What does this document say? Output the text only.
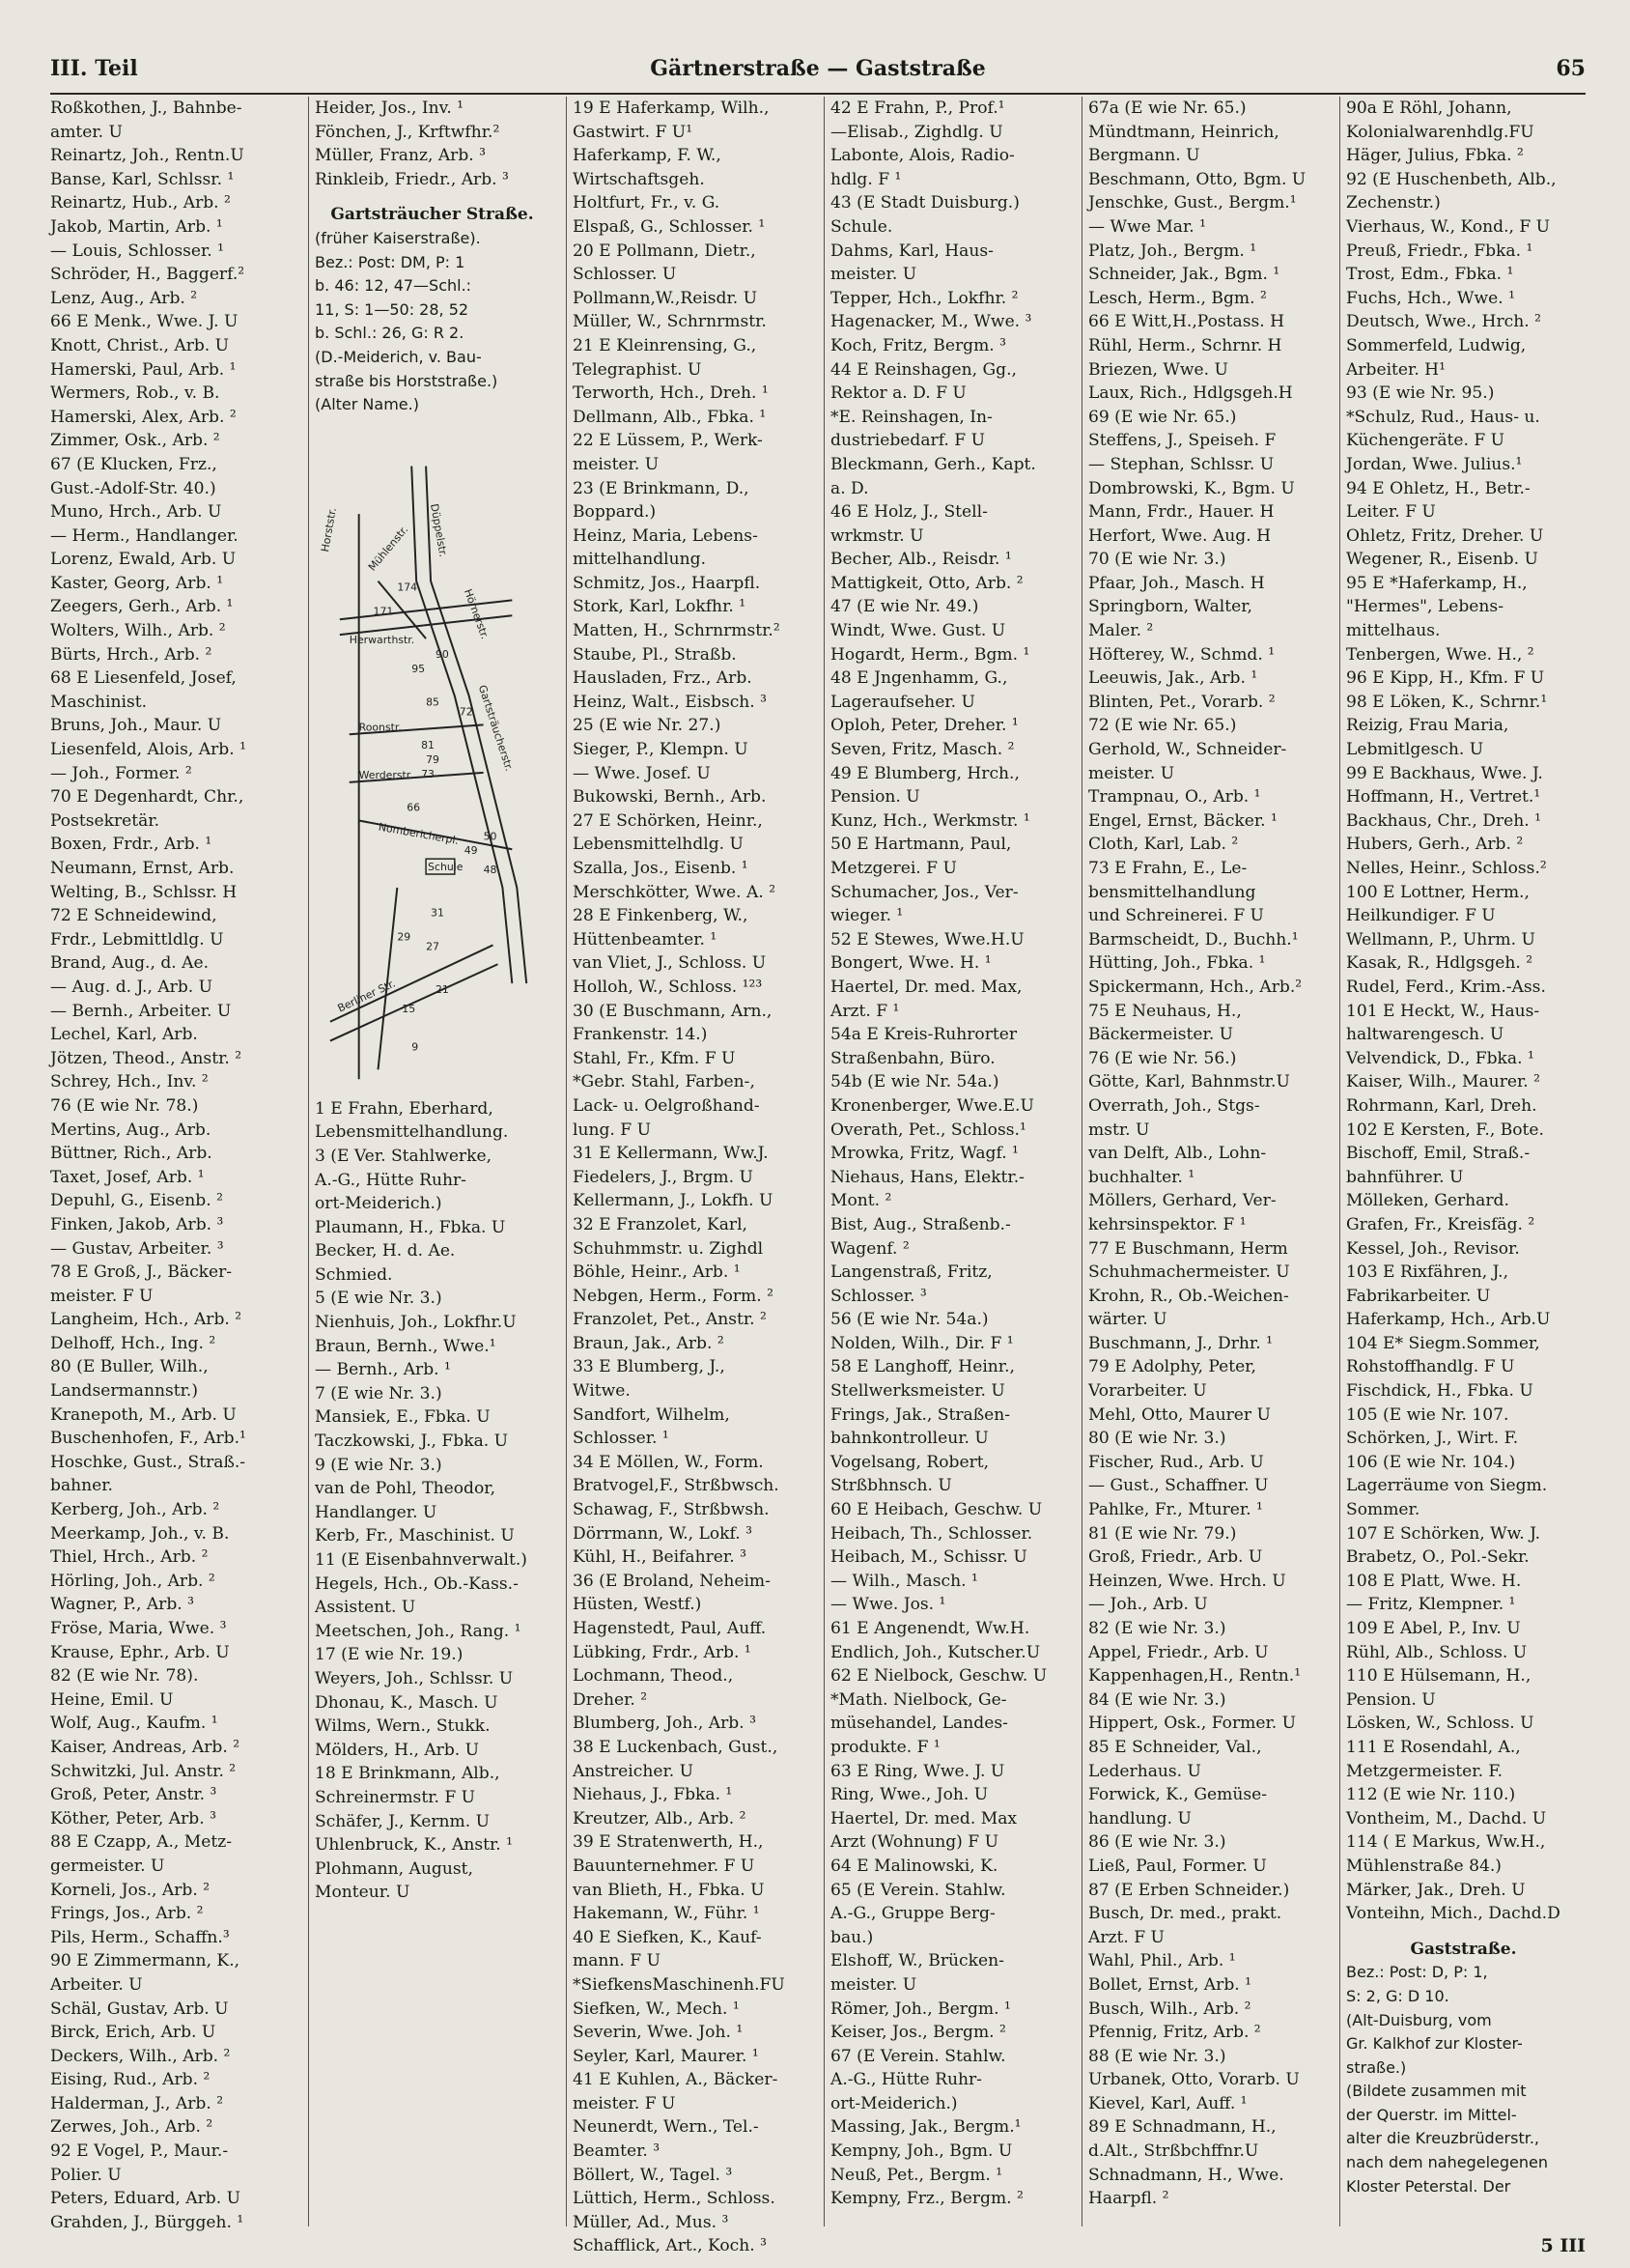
III. Teil	Gärtnerstraße — Gaststraße	65
Roßkothen, J., Bahnbe-
amter. U
Reinartz, Joh., Rentn.U
Banse, Karl, Schlssr. ¹
Reinartz, Hub., Arb. ²
Jakob, Martin, Arb. ¹
— Louis, Schlosser. ¹
Schröder, H., Baggerf.²
Lenz, Aug., Arb. ²
66 E Menk., Wwe. J. U
Knott, Christ., Arb. U
Hamerski, Paul, Arb. ¹
Wermers, Rob., v. B.
Hamerski, Alex, Arb. ²
Zimmer, Osk., Arb. ²
67 (E Klucken, Frz.,
Gust.-Adolf-Str. 40.)
Muno, Hrch., Arb. U
— Herm., Handlanger.
Lorenz, Ewald, Arb. U
Kaster, Georg, Arb. ¹
Zeegers, Gerh., Arb. ¹
Wolters, Wilh., Arb. ²
Bürts, Hrch., Arb. ²
68 E Liesenfeld, Josef,
Maschinist.
Bruns, Joh., Maur. U
Liesenfeld, Alois, Arb. ¹
— Joh., Former. ²
70 E Degenhardt, Chr.,
Postsekretär.
Boxen, Frdr., Arb. ¹
Neumann, Ernst, Arb.
Welting, B., Schlssr. H
72 E Schneidewind,
Frdr., Lebmittldlg. U
Brand, Aug., d. Ae.
— Aug. d. J., Arb. U
— Bernh., Arbeiter. U
Lechel, Karl, Arb.
Jötzen, Theod., Anstr. ²
Schrey, Hch., Inv. ²
76 (E wie Nr. 78.)
Mertins, Aug., Arb.
Büttner, Rich., Arb.
Taxet, Josef, Arb. ¹
Depuhl, G., Eisenb. ²
Finken, Jakob, Arb. ³
— Gustav, Arbeiter. ³
78 E Groß, J., Bäcker-
meister. F U
Langheim, Hch., Arb. ²
Delhoff, Hch., Ing. ²
80 (E Buller, Wilh.,
Landsermannstr.)
Kranepoth, M., Arb. U
Buschenhofen, F., Arb.¹
Hoschke, Gust., Straß.-
bahner.
Kerberg, Joh., Arb. ²
Meerkamp, Joh., v. B.
Thiel, Hrch., Arb. ²
Hörling, Joh., Arb. ²
Wagner, P., Arb. ³
Fröse, Maria, Wwe. ³
Krause, Ephr., Arb. U
82 (E wie Nr. 78).
Heine, Emil. U
Wolf, Aug., Kaufm. ¹
Kaiser, Andreas, Arb. ²
Schwitzki, Jul. Anstr. ²
Groß, Peter, Anstr. ³
Köther, Peter, Arb. ³
88 E Czapp, A., Metz-
germeister. U
Korneli, Jos., Arb. ²
Frings, Jos., Arb. ²
Pils, Herm., Schaffn.³
90 E Zimmermann, K.,
Arbeiter. U
Schäl, Gustav, Arb. U
Birck, Erich, Arb. U
Deckers, Wilh., Arb. ²
Eising, Rud., Arb. ²
Halderman, J., Arb. ²
Zerwes, Joh., Arb. ²
92 E Vogel, P., Maur.-
Polier. U
Peters, Eduard, Arb. U
Grahden, J., Bürggeh. ¹
Heider, Jos., Inv. ¹
Fönchen, J., Krftwfhr.²
Müller, Franz, Arb. ³
Rinkleib, Friedr., Arb. ³
Gartsträucher Straße.
(früher Kaiserstraße).
Bez.: Post: DM, P: 1
b. 46: 12, 47—Schl.:
11, S: 1—50: 28, 52
b. Schl.: 26, G: R 2.
(D.-Meiderich, v. Bau-
straße bis Horststraße.)
(Alter Name.)
Horststr.	Düppelstr.
Hörnerstr.
Mühlenstr.
Herwarthstr.
Roonstr.
Werderstr.
Nombericherpl.
Schule
Gartsträucherstr.
Berliner Str.
174
171
95
90
85
72
81
79
73
66
50
49
48
31
29
27
21
15
9
1 E Frahn, Eberhard,
Lebensmittelhandlung.
3 (E Ver. Stahlwerke,
A.-G., Hütte Ruhr-
ort-Meiderich.)
Plaumann, H., Fbka. U
Becker, H. d. Ae.
Schmied.
5 (E wie Nr. 3.)
Nienhuis, Joh., Lokfhr.U
Braun, Bernh., Wwe.¹
— Bernh., Arb. ¹
7 (E wie Nr. 3.)
Mansiek, E., Fbka. U
Taczkowski, J., Fbka. U
9 (E wie Nr. 3.)
van de Pohl, Theodor,
Handlanger. U
Kerb, Fr., Maschinist. U
11 (E Eisenbahnverwalt.)
Hegels, Hch., Ob.-Kass.-
Assistent. U
Meetschen, Joh., Rang. ¹
17 (E wie Nr. 19.)
Weyers, Joh., Schlssr. U
Dhonau, K., Masch. U
Wilms, Wern., Stukk.
Mölders, H., Arb. U
18 E Brinkmann, Alb.,
Schreinermstr. F U
Schäfer, J., Kernm. U
Uhlenbruck, K., Anstr. ¹
Plohmann, August,
Monteur. U
19 E Haferkamp, Wilh.,
Gastwirt. F U¹
Haferkamp, F. W.,
Wirtschaftsgeh.
Holtfurt, Fr., v. G.
Elspaß, G., Schlosser. ¹
20 E Pollmann, Dietr.,
Schlosser. U
Pollmann,W.,Reisdr. U
Müller, W., Schrnrmstr.
21 E Kleinrensing, G.,
Telegraphist. U
Terworth, Hch., Dreh. ¹
Dellmann, Alb., Fbka. ¹
22 E Lüssem, P., Werk-
meister. U
23 (E Brinkmann, D.,
Boppard.)
Heinz, Maria, Lebens-
mittelhandlung.
Schmitz, Jos., Haarpfl.
Stork, Karl, Lokfhr. ¹
Matten, H., Schrnrmstr.²
Staube, Pl., Straßb.
Hausladen, Frz., Arb.
Heinz, Walt., Eisbsch. ³
25 (E wie Nr. 27.)
Sieger, P., Klempn. U
— Wwe. Josef. U
Bukowski, Bernh., Arb.
27 E Schörken, Heinr.,
Lebensmittelhdlg. U
Szalla, Jos., Eisenb. ¹
Merschkötter, Wwe. A. ²
28 E Finkenberg, W.,
Hüttenbeamter. ¹
van Vliet, J., Schloss. U
Holloh, W., Schloss. ¹²³
30 (E Buschmann, Arn.,
Frankenstr. 14.)
Stahl, Fr., Kfm. F U
*Gebr. Stahl, Farben-,
Lack- u. Oelgroßhand-
lung. F U
31 E Kellermann, Ww.J.
Fiedelers, J., Brgm. U
Kellermann, J., Lokfh. U
32 E Franzolet, Karl,
Schuhmmstr. u. Zighdl
Böhle, Heinr., Arb. ¹
Nebgen, Herm., Form. ²
Franzolet, Pet., Anstr. ²
Braun, Jak., Arb. ²
33 E Blumberg, J.,
Witwe.
Sandfort, Wilhelm,
Schlosser. ¹
34 E Möllen, W., Form.
Bratvogel,F., Strßbwsch.
Schawag, F., Strßbwsh.
Dörrmann, W., Lokf. ³
Kühl, H., Beifahrer. ³
36 (E Broland, Neheim-
Hüsten, Westf.)
Hagenstedt, Paul, Auff.
Lübking, Frdr., Arb. ¹
Lochmann, Theod.,
Dreher. ²
Blumberg, Joh., Arb. ³
38 E Luckenbach, Gust.,
Anstreicher. U
Niehaus, J., Fbka. ¹
Kreutzer, Alb., Arb. ²
39 E Stratenwerth, H.,
Bauunternehmer. F U
van Blieth, H., Fbka. U
Hakemann, W., Führ. ¹
40 E Siefken, K., Kauf-
mann. F U
*SiefkensMaschinenh.FU
Siefken, W., Mech. ¹
Severin, Wwe. Joh. ¹
Seyler, Karl, Maurer. ¹
41 E Kuhlen, A., Bäcker-
meister. F U
Neunerdt, Wern., Tel.-
Beamter. ³
Böllert, W., Tagel. ³
Lüttich, Herm., Schloss.
Müller, Ad., Mus. ³
Schafflick, Art., Koch. ³
42 E Frahn, P., Prof.¹
—Elisab., Zighdlg. U
Labonte, Alois, Radio-
hdlg. F ¹
43 (E Stadt Duisburg.)
Schule.
Dahms, Karl, Haus-
meister. U
Tepper, Hch., Lokfhr. ²
Hagenacker, M., Wwe. ³
Koch, Fritz, Bergm. ³
44 E Reinshagen, Gg.,
Rektor a. D. F U
*E. Reinshagen, In-
dustriebedarf. F U
Bleckmann, Gerh., Kapt.
a. D.
46 E Holz, J., Stell-
wrkmstr. U
Becher, Alb., Reisdr. ¹
Mattigkeit, Otto, Arb. ²
47 (E wie Nr. 49.)
Windt, Wwe. Gust. U
Hogardt, Herm., Bgm. ¹
48 E Jngenhamm, G.,
Lageraufseher. U
Oploh, Peter, Dreher. ¹
Seven, Fritz, Masch. ²
49 E Blumberg, Hrch.,
Pension. U
Kunz, Hch., Werkmstr. ¹
50 E Hartmann, Paul,
Metzgerei. F U
Schumacher, Jos., Ver-
wieger. ¹
52 E Stewes, Wwe.H.U
Bongert, Wwe. H. ¹
Haertel, Dr. med. Max,
Arzt. F ¹
54a E Kreis-Ruhrorter
Straßenbahn, Büro.
54b (E wie Nr. 54a.)
Kronenberger, Wwe.E.U
Overath, Pet., Schloss.¹
Mrowka, Fritz, Wagf. ¹
Niehaus, Hans, Elektr.-
Mont. ²
Bist, Aug., Straßenb.-
Wagenf. ²
Langenstraß, Fritz,
Schlosser. ³
56 (E wie Nr. 54a.)
Nolden, Wilh., Dir. F ¹
58 E Langhoff, Heinr.,
Stellwerksmeister. U
Frings, Jak., Straßen-
bahnkontrolleur. U
Vogelsang, Robert,
Strßbhnsch. U
60 E Heibach, Geschw. U
Heibach, Th., Schlosser.
Heibach, M., Schissr. U
— Wilh., Masch. ¹
— Wwe. Jos. ¹
61 E Angenendt, Ww.H.
Endlich, Joh., Kutscher.U
62 E Nielbock, Geschw. U
*Math. Nielbock, Ge-
müsehandel, Landes-
produkte. F ¹
63 E Ring, Wwe. J. U
Ring, Wwe., Joh. U
Haertel, Dr. med. Max
Arzt (Wohnung) F U
64 E Malinowski, K.
65 (E Verein. Stahlw.
A.-G., Gruppe Berg-
bau.)
Elshoff, W., Brücken-
meister. U
Römer, Joh., Bergm. ¹
Keiser, Jos., Bergm. ²
67 (E Verein. Stahlw.
A.-G., Hütte Ruhr-
ort-Meiderich.)
Massing, Jak., Bergm.¹
Kempny, Joh., Bgm. U
Neuß, Pet., Bergm. ¹
Kempny, Frz., Bergm. ²
67a (E wie Nr. 65.)
Mündtmann, Heinrich,
Bergmann. U
Beschmann, Otto, Bgm. U
Jenschke, Gust., Bergm.¹
— Wwe Mar. ¹
Platz, Joh., Bergm. ¹
Schneider, Jak., Bgm. ¹
Lesch, Herm., Bgm. ²
66 E Witt,H.,Postass. H
Rühl, Herm., Schrnr. H
Briezen, Wwe. U
Laux, Rich., Hdlgsgeh.H
69 (E wie Nr. 65.)
Steffens, J., Speiseh. F
— Stephan, Schlssr. U
Dombrowski, K., Bgm. U
Mann, Frdr., Hauer. H
Herfort, Wwe. Aug. H
70 (E wie Nr. 3.)
Pfaar, Joh., Masch. H
Springborn, Walter,
Maler. ²
Höfterey, W., Schmd. ¹
Leeuwis, Jak., Arb. ¹
Blinten, Pet., Vorarb. ²
72 (E wie Nr. 65.)
Gerhold, W., Schneider-
meister. U
Trampnau, O., Arb. ¹
Engel, Ernst, Bäcker. ¹
Cloth, Karl, Lab. ²
73 E Frahn, E., Le-
bensmittelhandlung
und Schreinerei. F U
Barmscheidt, D., Buchh.¹
Hütting, Joh., Fbka. ¹
Spickermann, Hch., Arb.²
75 E Neuhaus, H.,
Bäckermeister. U
76 (E wie Nr. 56.)
Götte, Karl, Bahnmstr.U
Overrath, Joh., Stgs-
mstr. U
van Delft, Alb., Lohn-
buchhalter. ¹
Möllers, Gerhard, Ver-
kehrsinspektor. F ¹
77 E Buschmann, Herm
Schuhmachermeister. U
Krohn, R., Ob.-Weichen-
wärter. U
Buschmann, J., Drhr. ¹
79 E Adolphy, Peter,
Vorarbeiter. U
Mehl, Otto, Maurer U
80 (E wie Nr. 3.)
Fischer, Rud., Arb. U
— Gust., Schaffner. U
Pahlke, Fr., Mturer. ¹
81 (E wie Nr. 79.)
Groß, Friedr., Arb. U
Heinzen, Wwe. Hrch. U
— Joh., Arb. U
82 (E wie Nr. 3.)
Appel, Friedr., Arb. U
Kappenhagen,H., Rentn.¹
84 (E wie Nr. 3.)
Hippert, Osk., Former. U
85 E Schneider, Val.,
Lederhaus. U
Forwick, K., Gemüse-
handlung. U
86 (E wie Nr. 3.)
Ließ, Paul, Former. U
87 (E Erben Schneider.)
Busch, Dr. med., prakt.
Arzt. F U
Wahl, Phil., Arb. ¹
Bollet, Ernst, Arb. ¹
Busch, Wilh., Arb. ²
Pfennig, Fritz, Arb. ²
88 (E wie Nr. 3.)
Urbanek, Otto, Vorarb. U
Kievel, Karl, Auff. ¹
89 E Schnadmann, H.,
d.Alt., Strßbchffnr.U
Schnadmann, H., Wwe.
Haarpfl. ²
90a E Röhl, Johann,
Kolonialwarenhdlg.FU
Häger, Julius, Fbka. ²
92 (E Huschenbeth, Alb.,
Zechenstr.)
Vierhaus, W., Kond., F U
Preuß, Friedr., Fbka. ¹
Trost, Edm., Fbka. ¹
Fuchs, Hch., Wwe. ¹
Deutsch, Wwe., Hrch. ²
Sommerfeld, Ludwig,
Arbeiter. H¹
93 (E wie Nr. 95.)
*Schulz, Rud., Haus- u.
Küchengeräte. F U
Jordan, Wwe. Julius.¹
94 E Ohletz, H., Betr.-
Leiter. F U
Ohletz, Fritz, Dreher. U
Wegener, R., Eisenb. U
95 E *Haferkamp, H.,
"Hermes", Lebens-
mittelhaus.
Tenbergen, Wwe. H., ²
96 E Kipp, H., Kfm. F U
98 E Löken, K., Schrnr.¹
Reizig, Frau Maria,
Lebmitlgesch. U
99 E Backhaus, Wwe. J.
Hoffmann, H., Vertret.¹
Backhaus, Chr., Dreh. ¹
Hubers, Gerh., Arb. ²
Nelles, Heinr., Schloss.²
100 E Lottner, Herm.,
Heilkundiger. F U
Wellmann, P., Uhrm. U
Kasak, R., Hdlgsgeh. ²
Rudel, Ferd., Krim.-Ass.
101 E Heckt, W., Haus-
haltwarengesch. U
Velvendick, D., Fbka. ¹
Kaiser, Wilh., Maurer. ²
Rohrmann, Karl, Dreh.
102 E Kersten, F., Bote.
Bischoff, Emil, Straß.-
bahnführer. U
Mölleken, Gerhard.
Grafen, Fr., Kreisfäg. ²
Kessel, Joh., Revisor.
103 E Rixfähren, J.,
Fabrikarbeiter. U
Haferkamp, Hch., Arb.U
104 E* Siegm.Sommer,
Rohstoffhandlg. F U
Fischdick, H., Fbka. U
105 (E wie Nr. 107.
Schörken, J., Wirt. F.
106 (E wie Nr. 104.)
Lagerräume von Siegm.
Sommer.
107 E Schörken, Ww. J.
Brabetz, O., Pol.-Sekr.
108 E Platt, Wwe. H.
— Fritz, Klempner. ¹
109 E Abel, P., Inv. U
Rühl, Alb., Schloss. U
110 E Hülsemann, H.,
Pension. U
Lösken, W., Schloss. U
111 E Rosendahl, A.,
Metzgermeister. F.
112 (E wie Nr. 110.)
Vontheim, M., Dachd. U
114 ( E Markus, Ww.H.,
Mühlenstraße 84.)
Märker, Jak., Dreh. U
Vonteihn, Mich., Dachd.D
Gaststraße.
Bez.: Post: D, P: 1,
S: 2, G: D 10.
(Alt-Duisburg, vom
Gr. Kalkhof zur Kloster-
straße.)
(Bildete zusammen mit
der Querstr. im Mittel-
alter die Kreuzbrüderstr.,
nach dem nahegelegenen
Kloster Peterstal. Der
5 III
